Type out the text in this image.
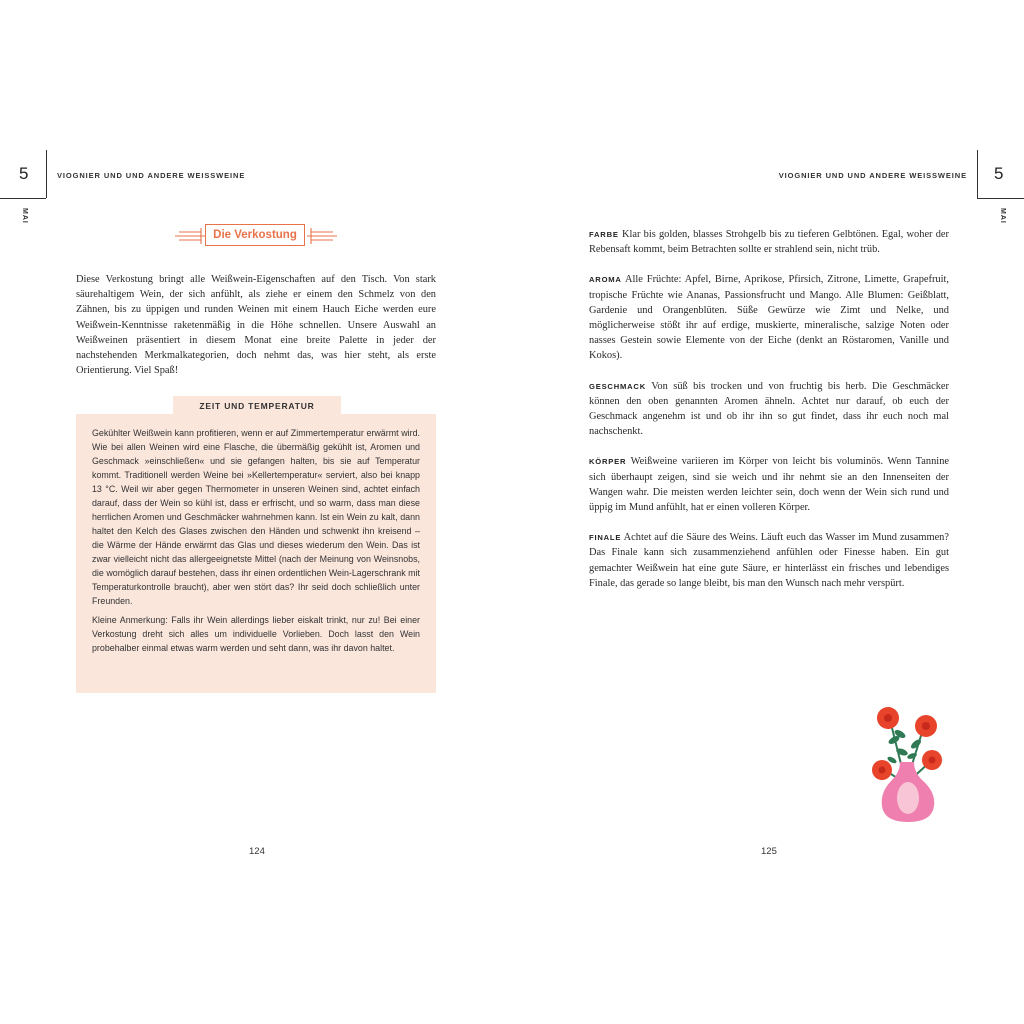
5	VIOGNIER UND UND ANDERE WEISSWEINE
MAI
5
VIOGNIER UND UND ANDERE WEISSWEINE
MAI
Die Verkostung

Diese Verkostung bringt alle Weißwein-Eigenschaften auf den Tisch. Von stark säurehaltigem Wein, der sich anfühlt, als ziehe er einem den Schmelz von den Zähnen, bis zu üppigen und runden Weinen mit einem Hauch Eiche werden eure Weißwein-Kenntnisse raketenmäßig in die Höhe schnellen. Unsere Auswahl an Weißweinen präsentiert in diesem Monat eine breite Palette in jeder der nachstehenden Merkmalkategorien, doch nehmt das, was hier steht, als erste Orientierung. Viel Spaß!

ZEIT UND TEMPERATUR

Gekühlter Weißwein kann profitieren, wenn er auf Zimmertemperatur erwärmt wird. Wie bei allen Weinen wird eine Flasche, die übermäßig gekühlt ist, Aromen und Geschmack »einschließen« und sie gefangen halten, bis sie auf Temperatur kommt. Traditionell werden Weine bei »Kellertemperatur« serviert, also bei knapp 13 °C. Weil wir aber gegen Thermometer in unseren Weinen sind, achtet einfach darauf, dass der Wein so kühl ist, dass er erfrischt, und so warm, dass man diese herrlichen Aromen und Geschmäcker wahrnehmen kann. Ist ein Wein zu kalt, dann haltet den Kelch des Glases zwischen den Händen und schwenkt ihn kreisend – die Wärme der Hände erwärmt das Glas und dieses wiederum den Wein. Das ist zwar vielleicht nicht das allergeeignetste Mittel (nach der Meinung von Weinsnobs, die womöglich darauf bestehen, dass ihr einen ordentlichen Wein-Lagerschrank mit Temperaturkontrolle braucht), aber wen stört das? Ihr seid doch schließlich unter Freunden.

Kleine Anmerkung: Falls ihr Wein allerdings lieber eiskalt trinkt, nur zu! Bei einer Verkostung dreht sich alles um individuelle Vorlieben. Doch lasst den Wein probehalber einmal etwas warm werden und seht dann, was ihr davon haltet.

FARBE Klar bis golden, blasses Strohgelb bis zu tieferen Gelbtönen. Egal, woher der Rebensaft kommt, beim Betrachten sollte er strahlend sein, nicht trüb.

AROMA Alle Früchte: Apfel, Birne, Aprikose, Pfirsich, Zitrone, Limette, Grapefruit, tropische Früchte wie Ananas, Passionsfrucht und Mango. Alle Blumen: Geißblatt, Gardenie und Orangenblüten. Süße Gewürze wie Zimt und Nelke, und möglicherweise stößt ihr auf erdige, muskierte, mineralische, salzige Noten oder nasses Gestein sowie Elemente von der Eiche (denkt an Röstaromen, Vanille und Kokos).

GESCHMACK Von süß bis trocken und von fruchtig bis herb. Die Geschmäcker können den oben genannten Aromen ähneln. Achtet nur darauf, ob euch der Geschmack angenehm ist und ob ihr ihn so gut findet, dass ihr euch noch mal nachschenkt.

KÖRPER Weißweine variieren im Körper von leicht bis voluminös. Wenn Tannine sich überhaupt zeigen, sind sie weich und ihr nehmt sie an den Innenseiten der Wangen wahr. Die meisten werden leichter sein, doch wenn der Wein sich rund und üppig im Mund anfühlt, hat er einen volleren Körper.

FINALE Achtet auf die Säure des Weins. Läuft euch das Wasser im Mund zusammen? Das Finale kann sich zusammenziehend anfühlen oder Finesse haben. Ein gut gemachter Weißwein hat eine gute Säure, er hinterlässt ein frisches und lebendiges Finale, das gerade so lange bleibt, bis man den Wunsch nach mehr verspürt.

124	125
